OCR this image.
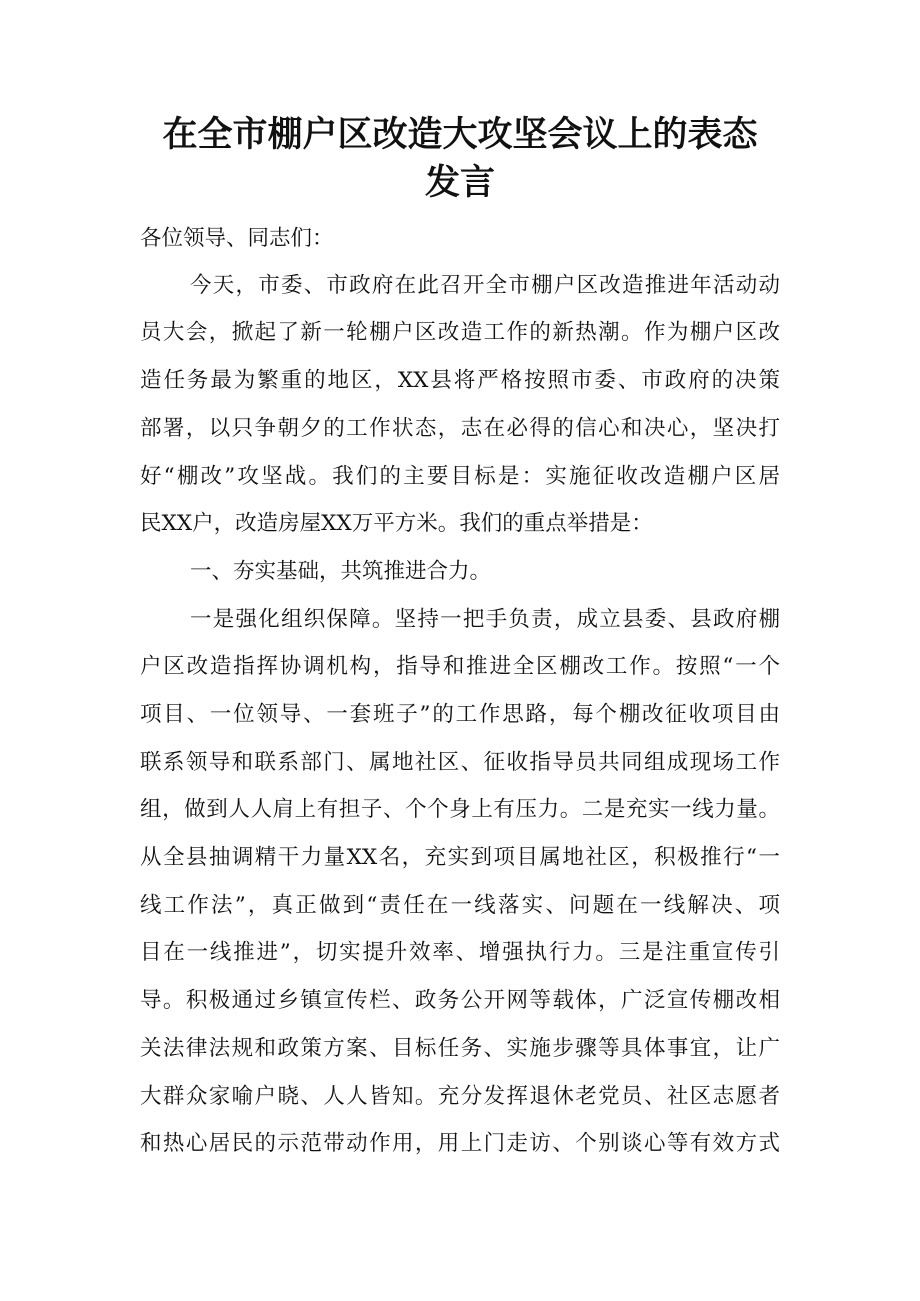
在全市棚户区改造大攻坚会议上的表态
发言
各位领导、同志们：
今天，市委、市政府在此召开全市棚户区改造推进年活动动
员大会，掀起了新一轮棚户区改造工作的新热潮。作为棚户区改
造任务最为繁重的地区，XX县将严格按照市委、市政府的决策
部署，以只争朝夕的工作状态，志在必得的信心和决心，坚决打
好“棚改”攻坚战。我们的主要目标是：实施征收改造棚户区居
民XX户，改造房屋XX万平方米。我们的重点举措是：
一、夯实基础，共筑推进合力。
一是强化组织保障。坚持一把手负责，成立县委、县政府棚
户区改造指挥协调机构，指导和推进全区棚改工作。按照“一个
项目、一位领导、一套班子”的工作思路，每个棚改征收项目由
联系领导和联系部门、属地社区、征收指导员共同组成现场工作
组，做到人人肩上有担子、个个身上有压力。二是充实一线力量。
从全县抽调精干力量XX名，充实到项目属地社区，积极推行“一
线工作法”，真正做到“责任在一线落实、问题在一线解决、项
目在一线推进”，切实提升效率、增强执行力。三是注重宣传引
导。积极通过乡镇宣传栏、政务公开网等载体，广泛宣传棚改相
关法律法规和政策方案、目标任务、实施步骤等具体事宜，让广
大群众家喻户晓、人人皆知。充分发挥退休老党员、社区志愿者
和热心居民的示范带动作用，用上门走访、个别谈心等有效方式
